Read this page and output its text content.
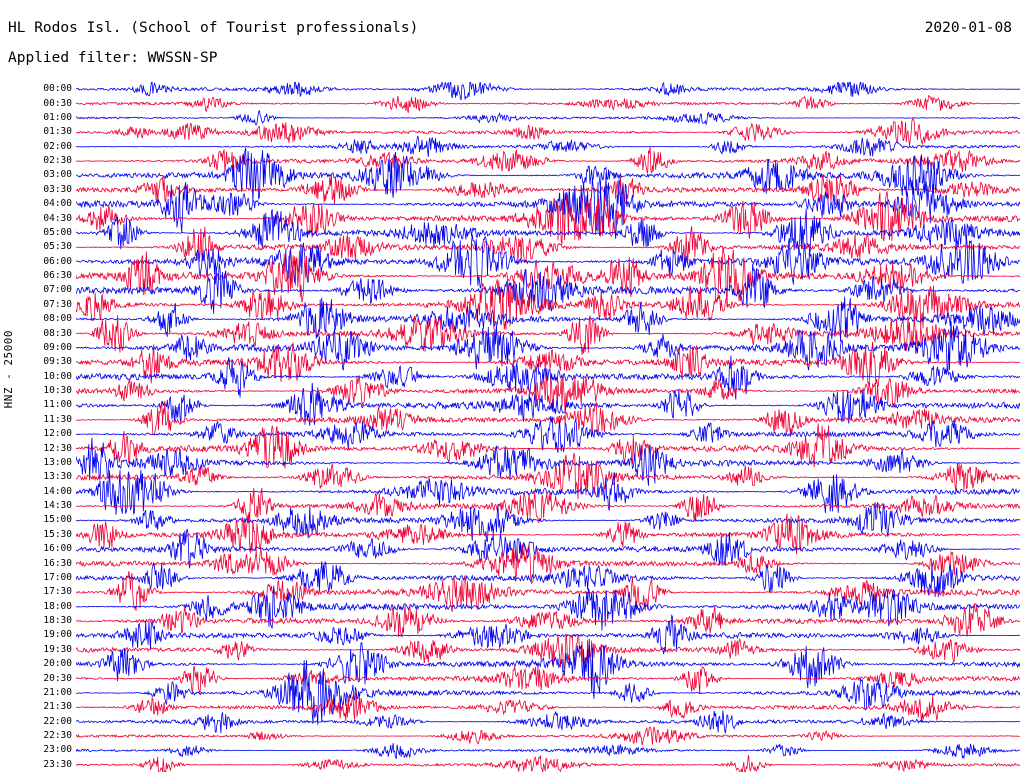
HL Rodos Isl. (School of Tourist professionals)	2020-01-08
Applied filter: WWSSN-SP
HNZ - 25000
00:00
00:30
01:00
01:30
02:00
02:30
03:00
03:30
04:00
04:30
05:00
05:30
06:00
06:30
07:00
07:30
08:00
08:30
09:00
09:30
10:00
10:30
11:00
11:30
12:00
12:30
13:00
13:30
14:00
14:30
15:00
15:30
16:00
16:30
17:00
17:30
18:00
18:30
19:00
19:30
20:00
20:30
21:00
21:30
22:00
22:30
23:00
23:30
